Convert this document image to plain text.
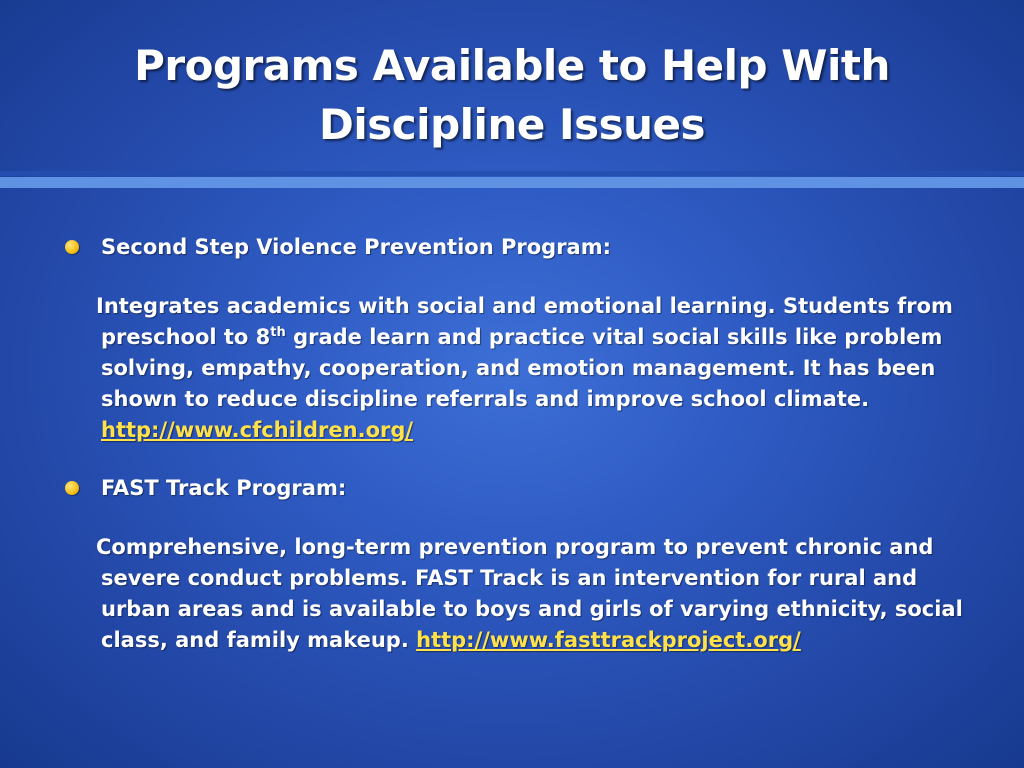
Programs Available to Help With
Discipline Issues
Second Step Violence Prevention Program:
Integrates academics with social and emotional learning. Students from preschool to 8th grade learn and practice vital social skills like problem solving, empathy, cooperation, and emotion management. It has been shown to reduce discipline referrals and improve school climate. http://www.cfchildren.org/
FAST Track Program:
Comprehensive, long-term prevention program to prevent chronic and severe conduct problems. FAST Track is an intervention for rural and urban areas and is available to boys and girls of varying ethnicity, social class, and family makeup. http://www.fasttrackproject.org/
